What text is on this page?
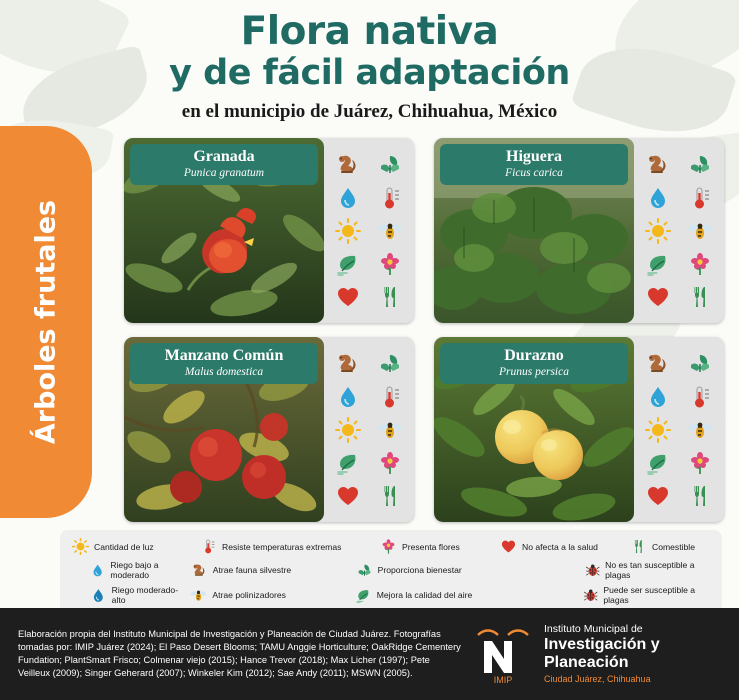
Flora nativa
y de fácil adaptación
en el municipio de Juárez, Chihuahua, México
Árboles frutales
Granada
Punica granatum
Higuera
Ficus carica
Manzano Común
Malus domestica
Durazno
Prunus persica
Cantidad de luz	Resiste temperaturas extremas	Presenta flores	No afecta a la salud	Comestible
Riego bajo a moderado	Atrae fauna silvestre	Proporciona bienestar	No es tan susceptible a plagas
Riego moderado-alto	Atrae polinizadores	Mejora la calidad del aire	Puede ser susceptible a plagas
Elaboración propia del Instituto Municipal de Investigación y Planeación de Ciudad Juárez. Fotografías tomadas por: IMIP Juárez (2024); El Paso Desert Blooms; TAMU Anggie Horticulture; OakRidge Cementery Fundation; PlantSmart Frisco; Colmenar viejo (2015); Hance Trevor (2018); Max Licher (1997); Pete Veilleux (2009); Singer Geherard (2007); Winkeler Kim (2012); Sae Andy (2011); MSWN (2005).
IMIP
Instituto Municipal de
Investigación y
Planeación
Ciudad Juárez, Chihuahua
